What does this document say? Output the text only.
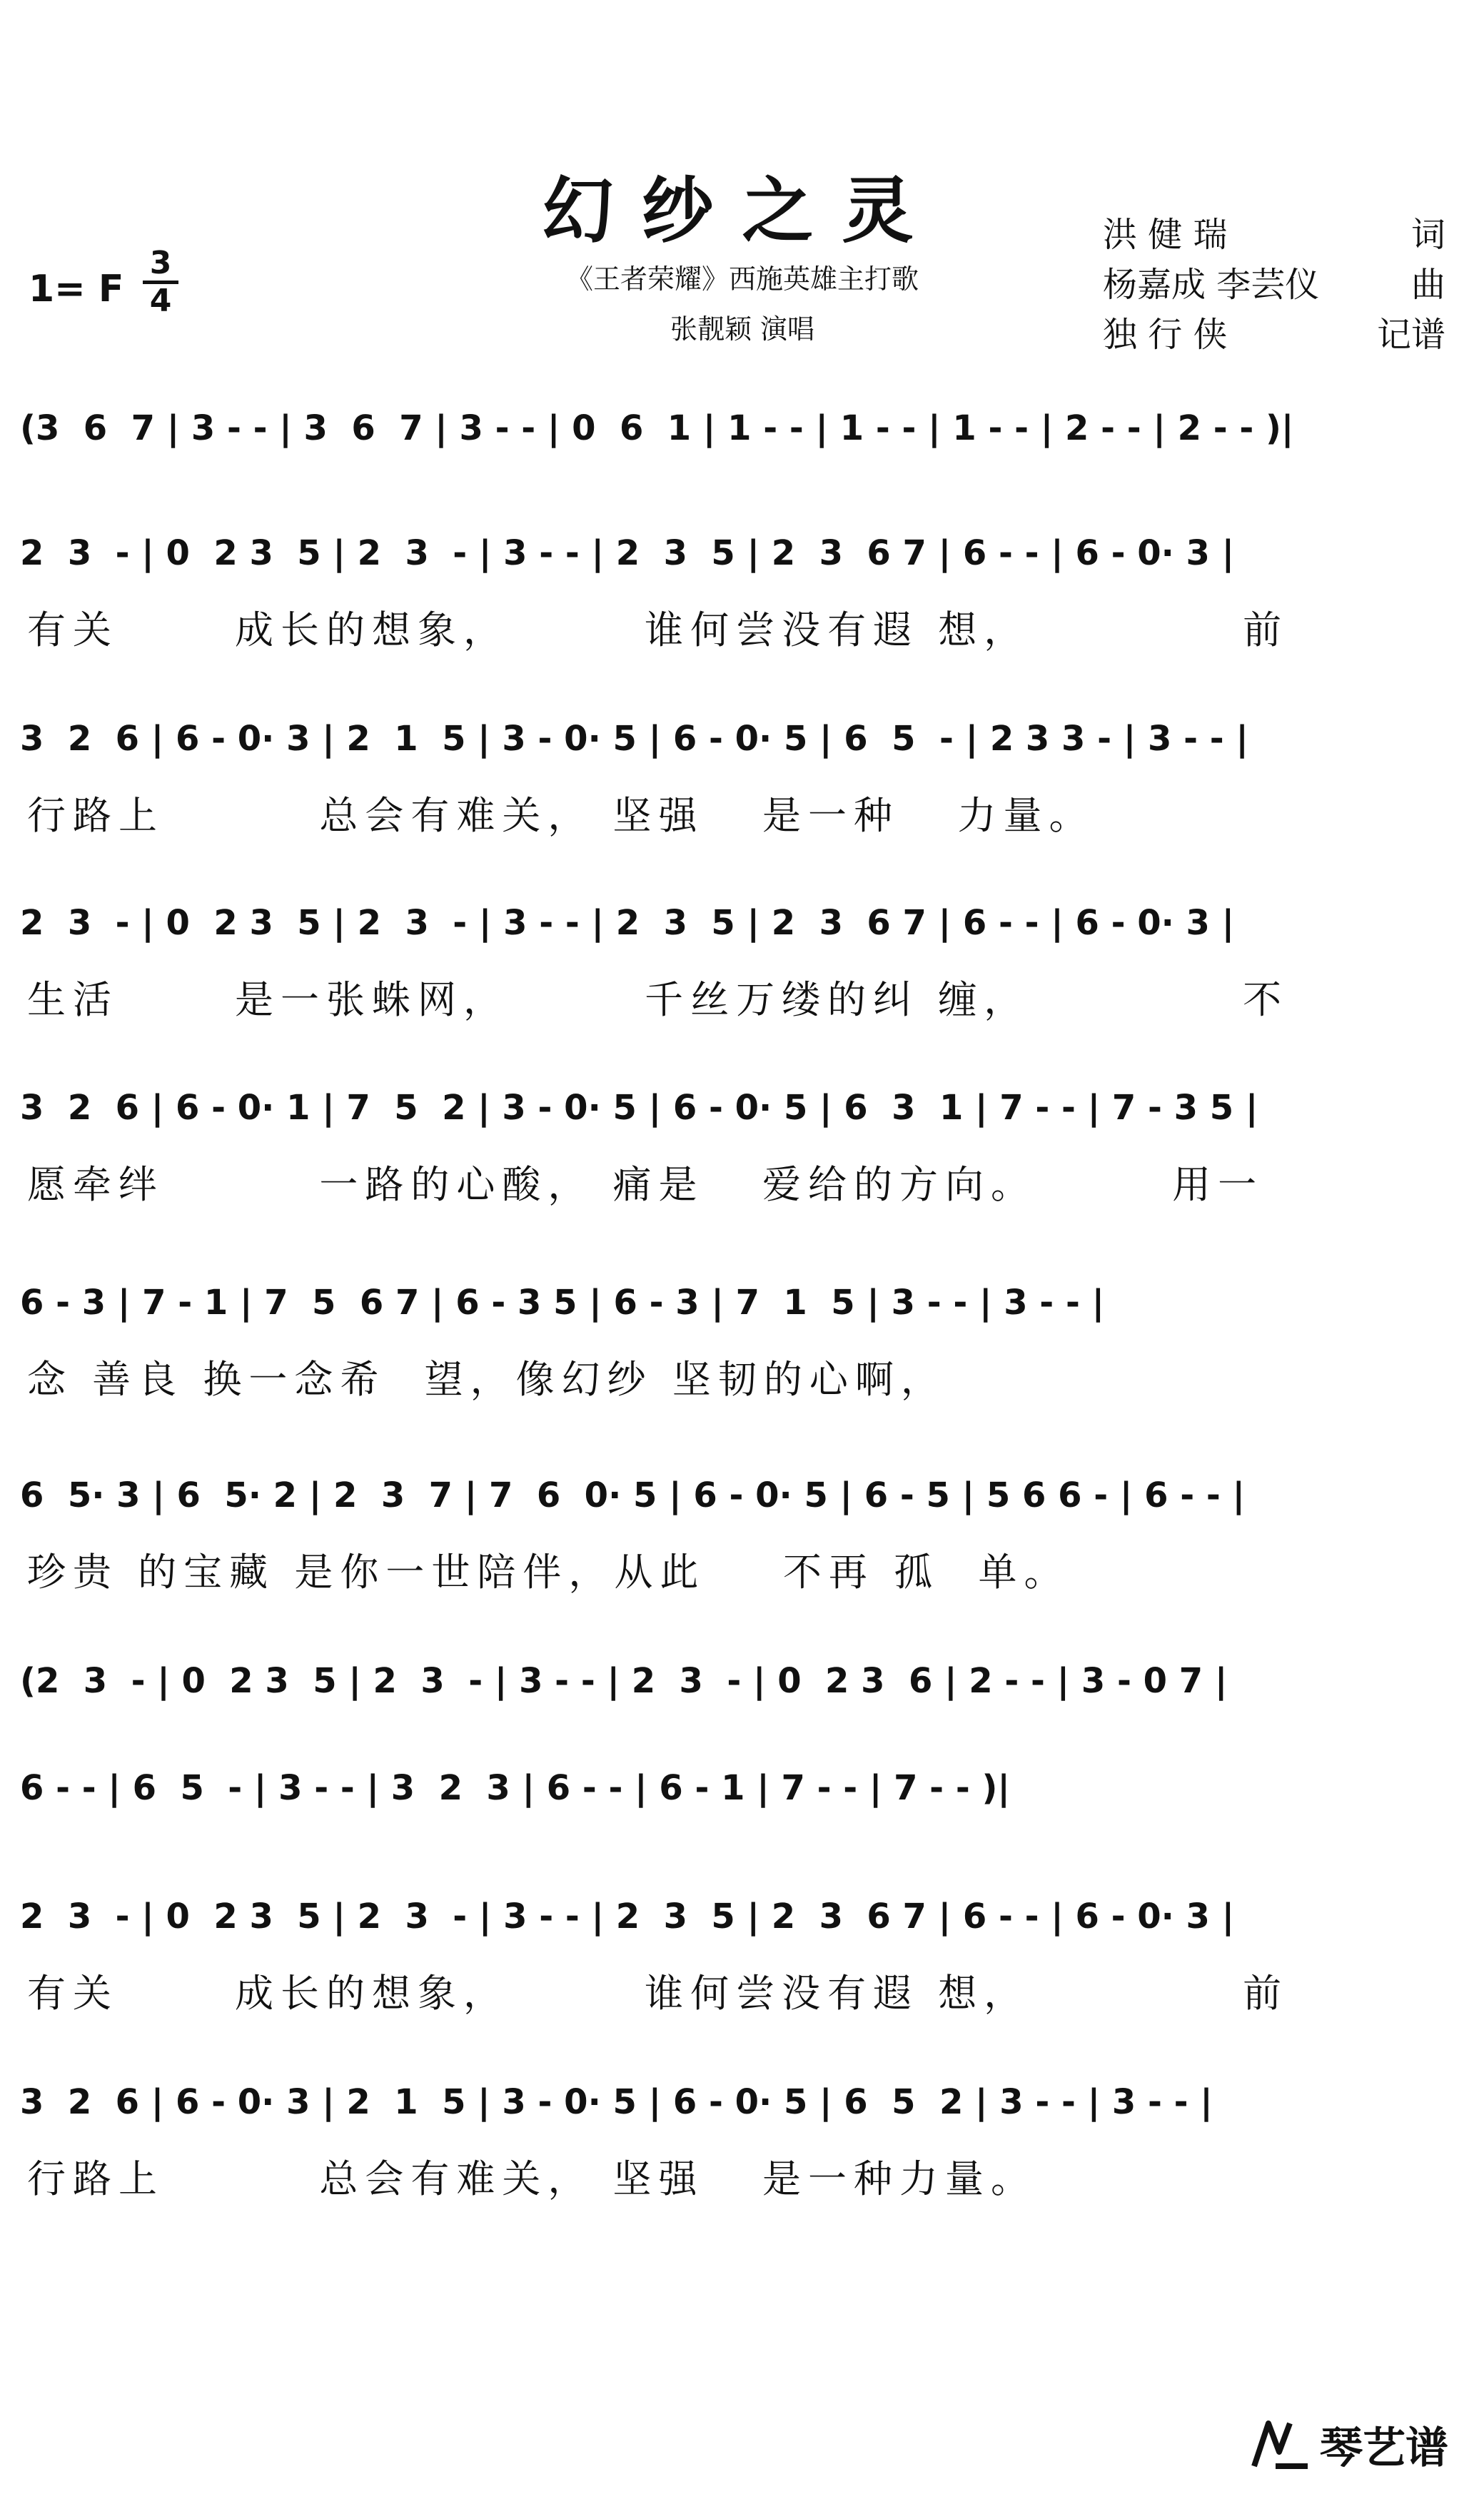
幻纱之灵
《王者荣耀》西施英雄主打歌
张靓颖 演唱
1= F
3
4
洪 健 瑞	词
杨嘉成 李芸仪	曲
独 行 侠	记谱
(3  6  7 | 3 - - | 3  6  7 | 3 - - | 0  6  1 | 1 - - | 1 - - | 1 - - | 2 - - | 2 - - )|
2  3  - | 0  2 3  5 | 2  3  - | 3 - - | 2  3  5 | 2  3  6 7 | 6 - - | 6 - 0· 3 |
有关      成长的想象，       谁何尝没有遐 想，           前
3  2  6 | 6 - 0· 3 | 2  1  5 | 3 - 0· 5 | 6 - 0· 5 | 6  5  - | 2 3 3 - | 3 - - |
行路上        总会有难关， 坚强   是一种   力量。
2  3  - | 0  2 3  5 | 2  3  - | 3 - - | 2  3  5 | 2  3  6 7 | 6 - - | 6 - 0· 3 |
生活      是一张蛛网，       千丝万缕的纠 缠，           不
3  2  6 | 6 - 0· 1 | 7  5  2 | 3 - 0· 5 | 6 - 0· 5 | 6  3  1 | 7 - - | 7 - 3 5 |
愿牵绊        一路的心酸， 痛是   爱给的方向。       用一
6 - 3 | 7 - 1 | 7  5  6 7 | 6 - 3 5 | 6 - 3 | 7  1  5 | 3 - - | 3 - - |
念 善良 换一念希  望，像幻纱 坚韧的心啊，
6  5· 3 | 6  5· 2 | 2  3  7 | 7  6  0· 5 | 6 - 0· 5 | 6 - 5 | 5 6 6 - | 6 - - |
珍贵 的宝藏 是你一世陪伴，从此    不再 孤  单。
(2  3  - | 0  2 3  5 | 2  3  - | 3 - - | 2  3  - | 0  2 3  6 | 2 - - | 3 - 0 7 |
6 - - | 6  5  - | 3 - - | 3  2  3 | 6 - - | 6 - 1 | 7 - - | 7 - - )|
2  3  - | 0  2 3  5 | 2  3  - | 3 - - | 2  3  5 | 2  3  6 7 | 6 - - | 6 - 0· 3 |
有关      成长的想象，       谁何尝没有遐 想，           前
3  2  6 | 6 - 0· 3 | 2  1  5 | 3 - 0· 5 | 6 - 0· 5 | 6  5  2 | 3 - - | 3 - - |
行路上        总会有难关， 坚强   是一种力量。
琴艺谱
